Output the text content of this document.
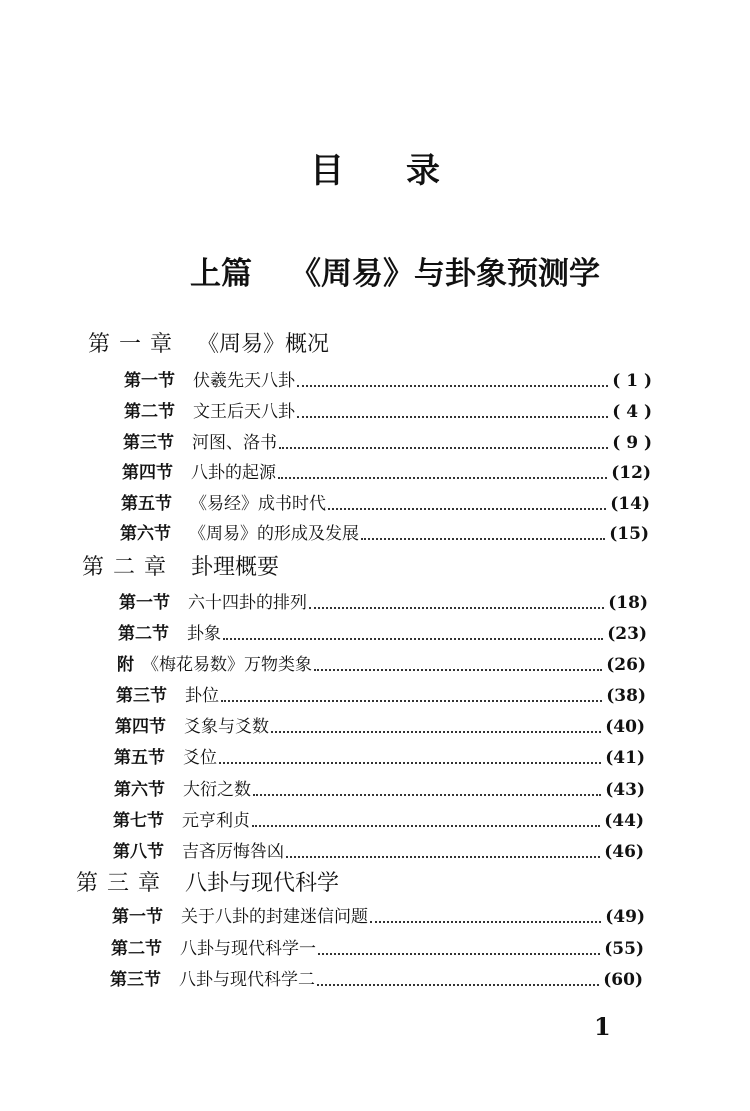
目录
上篇 《周易》与卦象预测学
第一章 《周易》概况
第一节 伏羲先天八卦	( 1 )
第二节 文王后天八卦	( 4 )
第三节 河图、洛书	( 9 )
第四节 八卦的起源	(12)
第五节 《易经》成书时代	(14)
第六节 《周易》的形成及发展	(15)
第二章 卦理概要
第一节 六十四卦的排列	(18)
第二节 卦象	(23)
附 《梅花易数》万物类象	(26)
第三节 卦位	(38)
第四节 爻象与爻数	(40)
第五节 爻位	(41)
第六节 大衍之数	(43)
第七节 元亨利贞	(44)
第八节 吉吝厉悔咎凶	(46)
第三章 八卦与现代科学
第一节 关于八卦的封建迷信问题	(49)
第二节 八卦与现代科学一	(55)
第三节 八卦与现代科学二	(60)
1
